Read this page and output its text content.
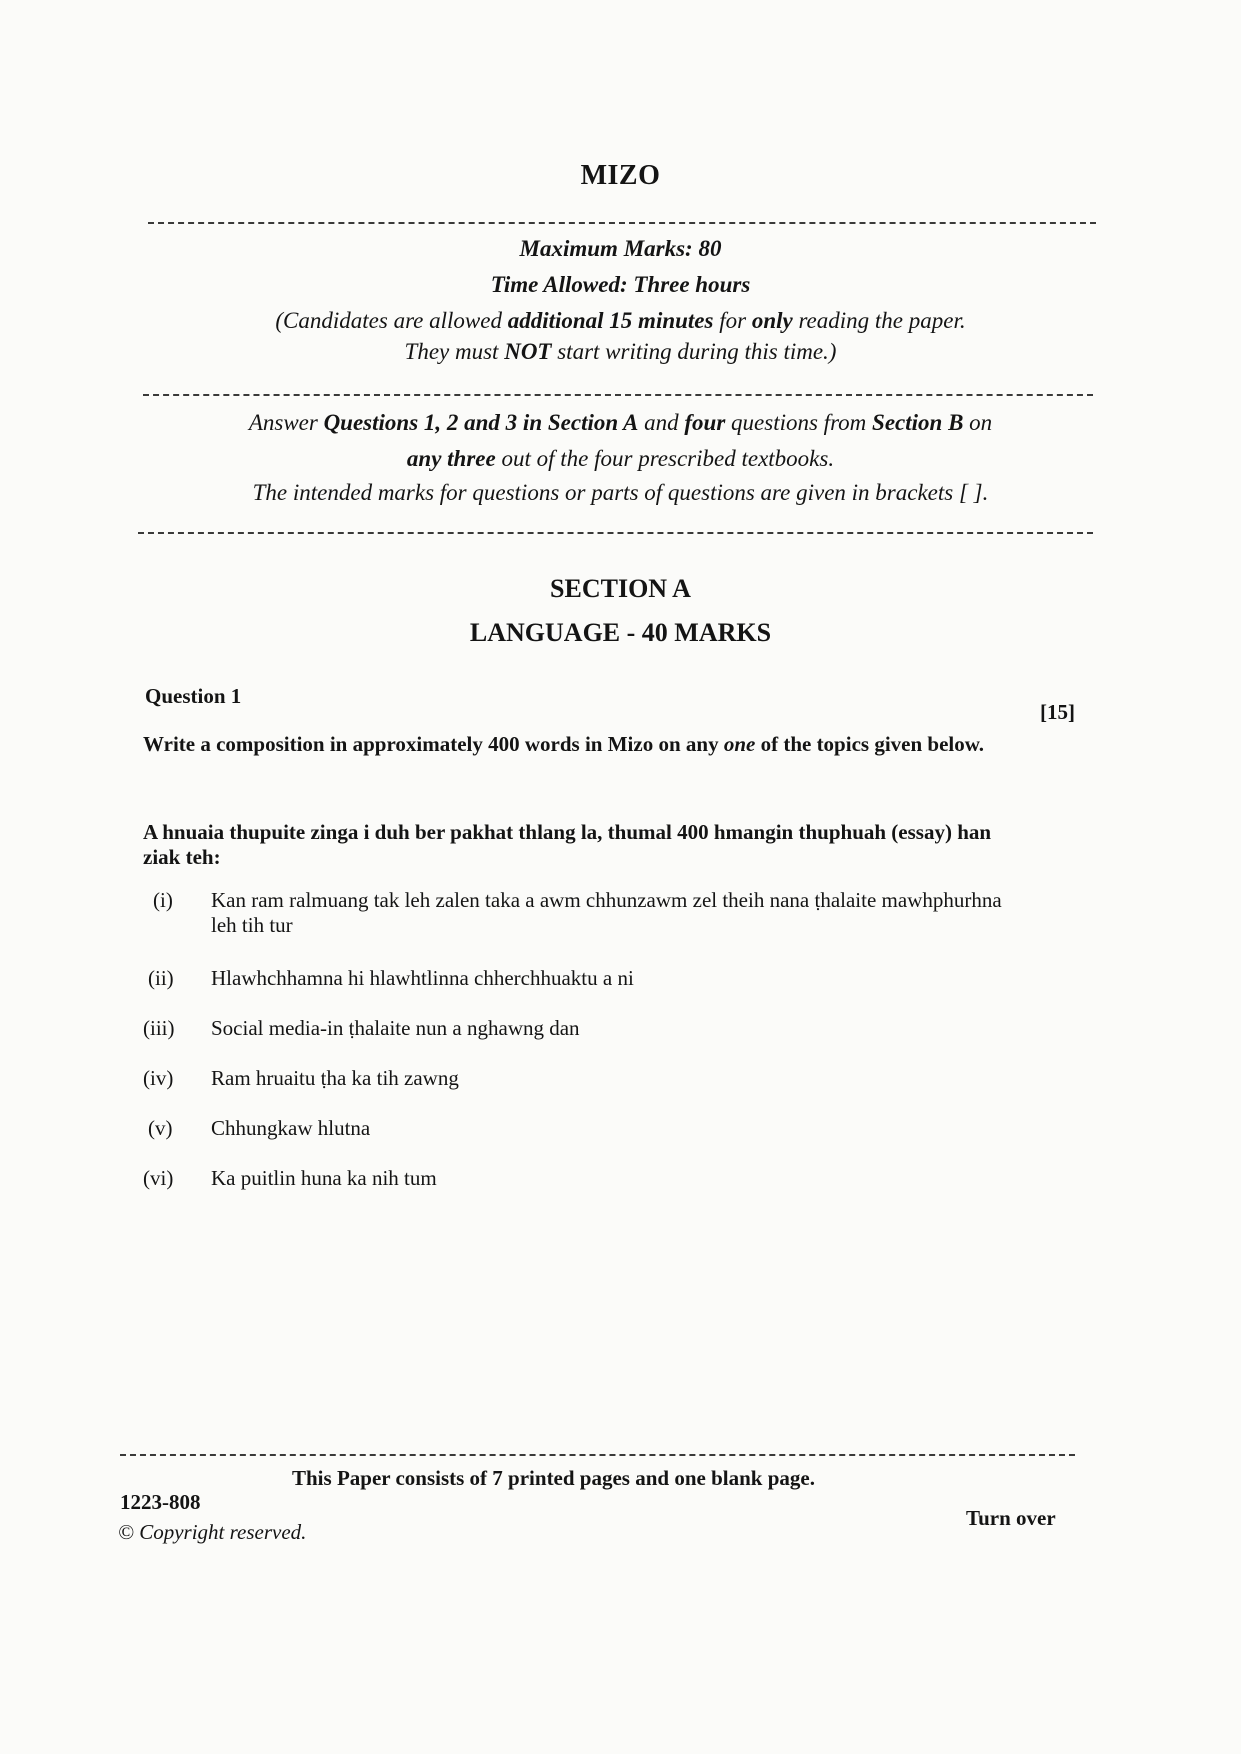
MIZO
Maximum Marks: 80
Time Allowed: Three hours
(Candidates are allowed additional 15 minutes for only reading the paper.
They must NOT start writing during this time.)
Answer Questions 1, 2 and 3 in Section A and four questions from Section B on
any three out of the four prescribed textbooks.
The intended marks for questions or parts of questions are given in brackets [ ].
SECTION A
LANGUAGE - 40 MARKS
Question 1
[15]
Write a composition in approximately 400 words in Mizo on any one of the topics given below.
A hnuaia thupuite zinga i duh ber pakhat thlang la, thumal 400 hmangin thuphuah (essay) han ziak teh:
(i)	Kan ram ralmuang tak leh zalen taka a awm chhunzawm zel theih nana ṭhalaite mawhphurhna leh tih tur
(ii)	Hlawhchhamna hi hlawhtlinna chherchhuaktu a ni
(iii)	Social media-in ṭhalaite nun a nghawng dan
(iv)	Ram hruaitu ṭha ka tih zawng
(v)	Chhungkaw hlutna
(vi)	Ka puitlin huna ka nih tum
This Paper consists of 7 printed pages and one blank page.
1223-808
© Copyright reserved.
Turn over
